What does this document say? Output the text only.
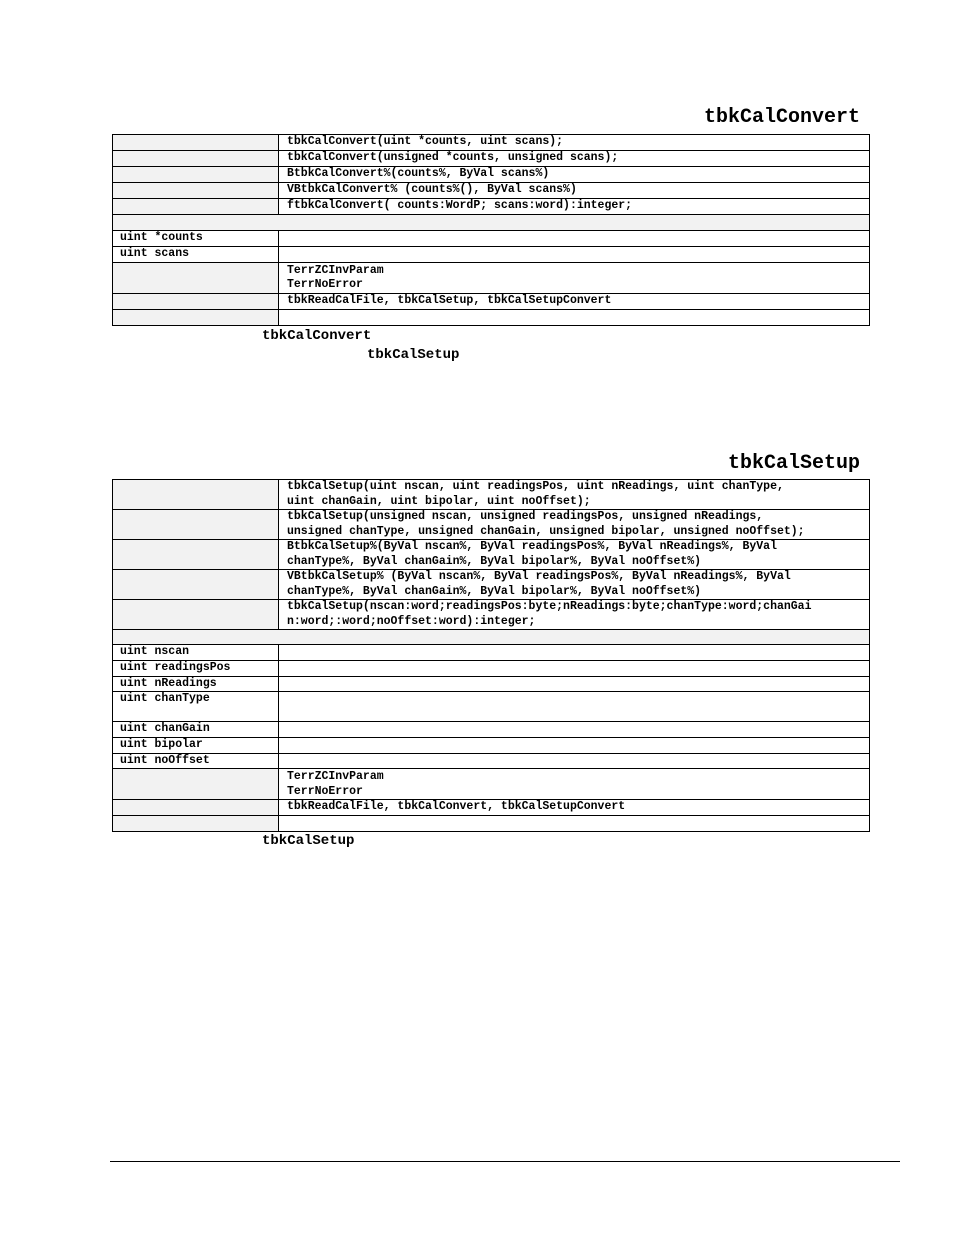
tbkCalConvert
	tbkCalConvert(uint *counts, uint scans);
	tbkCalConvert(unsigned *counts, unsigned scans);
	BtbkCalConvert%(counts%, ByVal scans%)
	VBtbkCalConvert% (counts%(), ByVal scans%)
	ftbkCalConvert( counts:WordP; scans:word):integer;

uint *counts	
uint scans	
	TerrZCInvParam
TerrNoError
	tbkReadCalFile, tbkCalSetup, tbkCalSetupConvert

tbkCalConvert
tbkCalSetup
tbkCalSetup
	tbkCalSetup(uint nscan, uint readingsPos, uint nReadings, uint chanType,
uint chanGain, uint bipolar, uint noOffset);
	tbkCalSetup(unsigned nscan, unsigned readingsPos, unsigned nReadings,
unsigned chanType, unsigned chanGain, unsigned bipolar, unsigned noOffset);
	BtbkCalSetup%(ByVal nscan%, ByVal readingsPos%, ByVal nReadings%, ByVal
chanType%, ByVal chanGain%, ByVal bipolar%, ByVal noOffset%)
	VBtbkCalSetup% (ByVal nscan%, ByVal readingsPos%, ByVal nReadings%, ByVal
chanType%, ByVal chanGain%, ByVal bipolar%, ByVal noOffset%)
	tbkCalSetup(nscan:word;readingsPos:byte;nReadings:byte;chanType:word;chanGai
n:word;:word;noOffset:word):integer;

uint nscan	
uint readingsPos	
uint nReadings	
uint chanType	
uint chanGain	
uint bipolar	
uint noOffset	
	TerrZCInvParam
TerrNoError
	tbkReadCalFile, tbkCalConvert, tbkCalSetupConvert

tbkCalSetup
